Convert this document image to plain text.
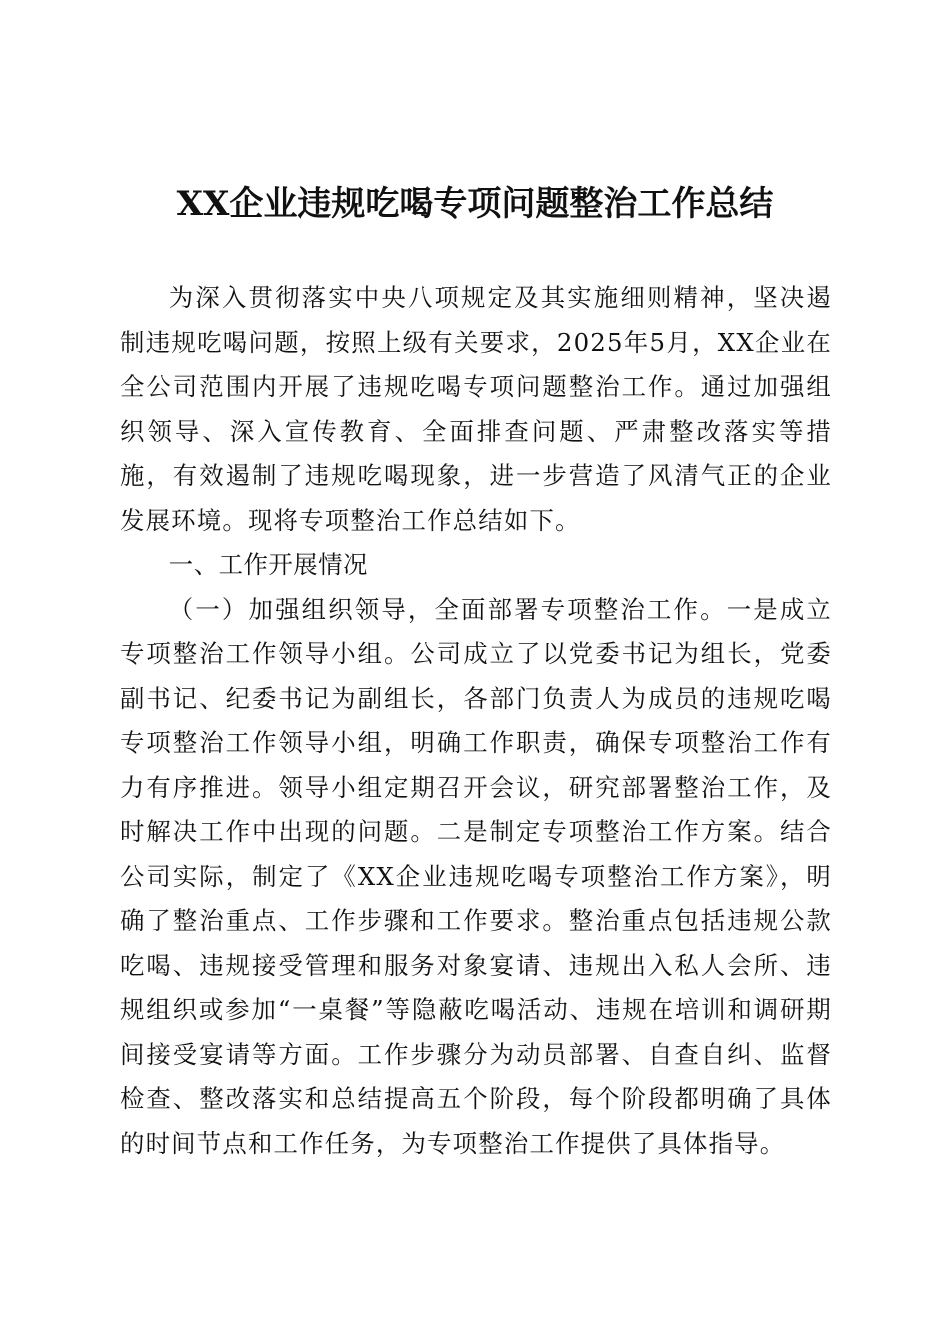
XX企业违规吃喝专项问题整治工作总结

为深入贯彻落实中央八项规定及其实施细则精神，坚决遏制违规吃喝问题，按照上级有关要求，2025年5月，XX企业在全公司范围内开展了违规吃喝专项问题整治工作。通过加强组织领导、深入宣传教育、全面排查问题、严肃整改落实等措施，有效遏制了违规吃喝现象，进一步营造了风清气正的企业发展环境。现将专项整治工作总结如下。

一、工作开展情况

（一）加强组织领导，全面部署专项整治工作。一是成立专项整治工作领导小组。公司成立了以党委书记为组长，党委副书记、纪委书记为副组长，各部门负责人为成员的违规吃喝专项整治工作领导小组，明确工作职责，确保专项整治工作有力有序推进。领导小组定期召开会议，研究部署整治工作，及时解决工作中出现的问题。二是制定专项整治工作方案。结合公司实际，制定了《XX企业违规吃喝专项整治工作方案》，明确了整治重点、工作步骤和工作要求。整治重点包括违规公款吃喝、违规接受管理和服务对象宴请、违规出入私人会所、违规组织或参加“一桌餐”等隐蔽吃喝活动、违规在培训和调研期间接受宴请等方面。工作步骤分为动员部署、自查自纠、监督检查、整改落实和总结提高五个阶段，每个阶段都明确了具体的时间节点和工作任务，为专项整治工作提供了具体指导。
